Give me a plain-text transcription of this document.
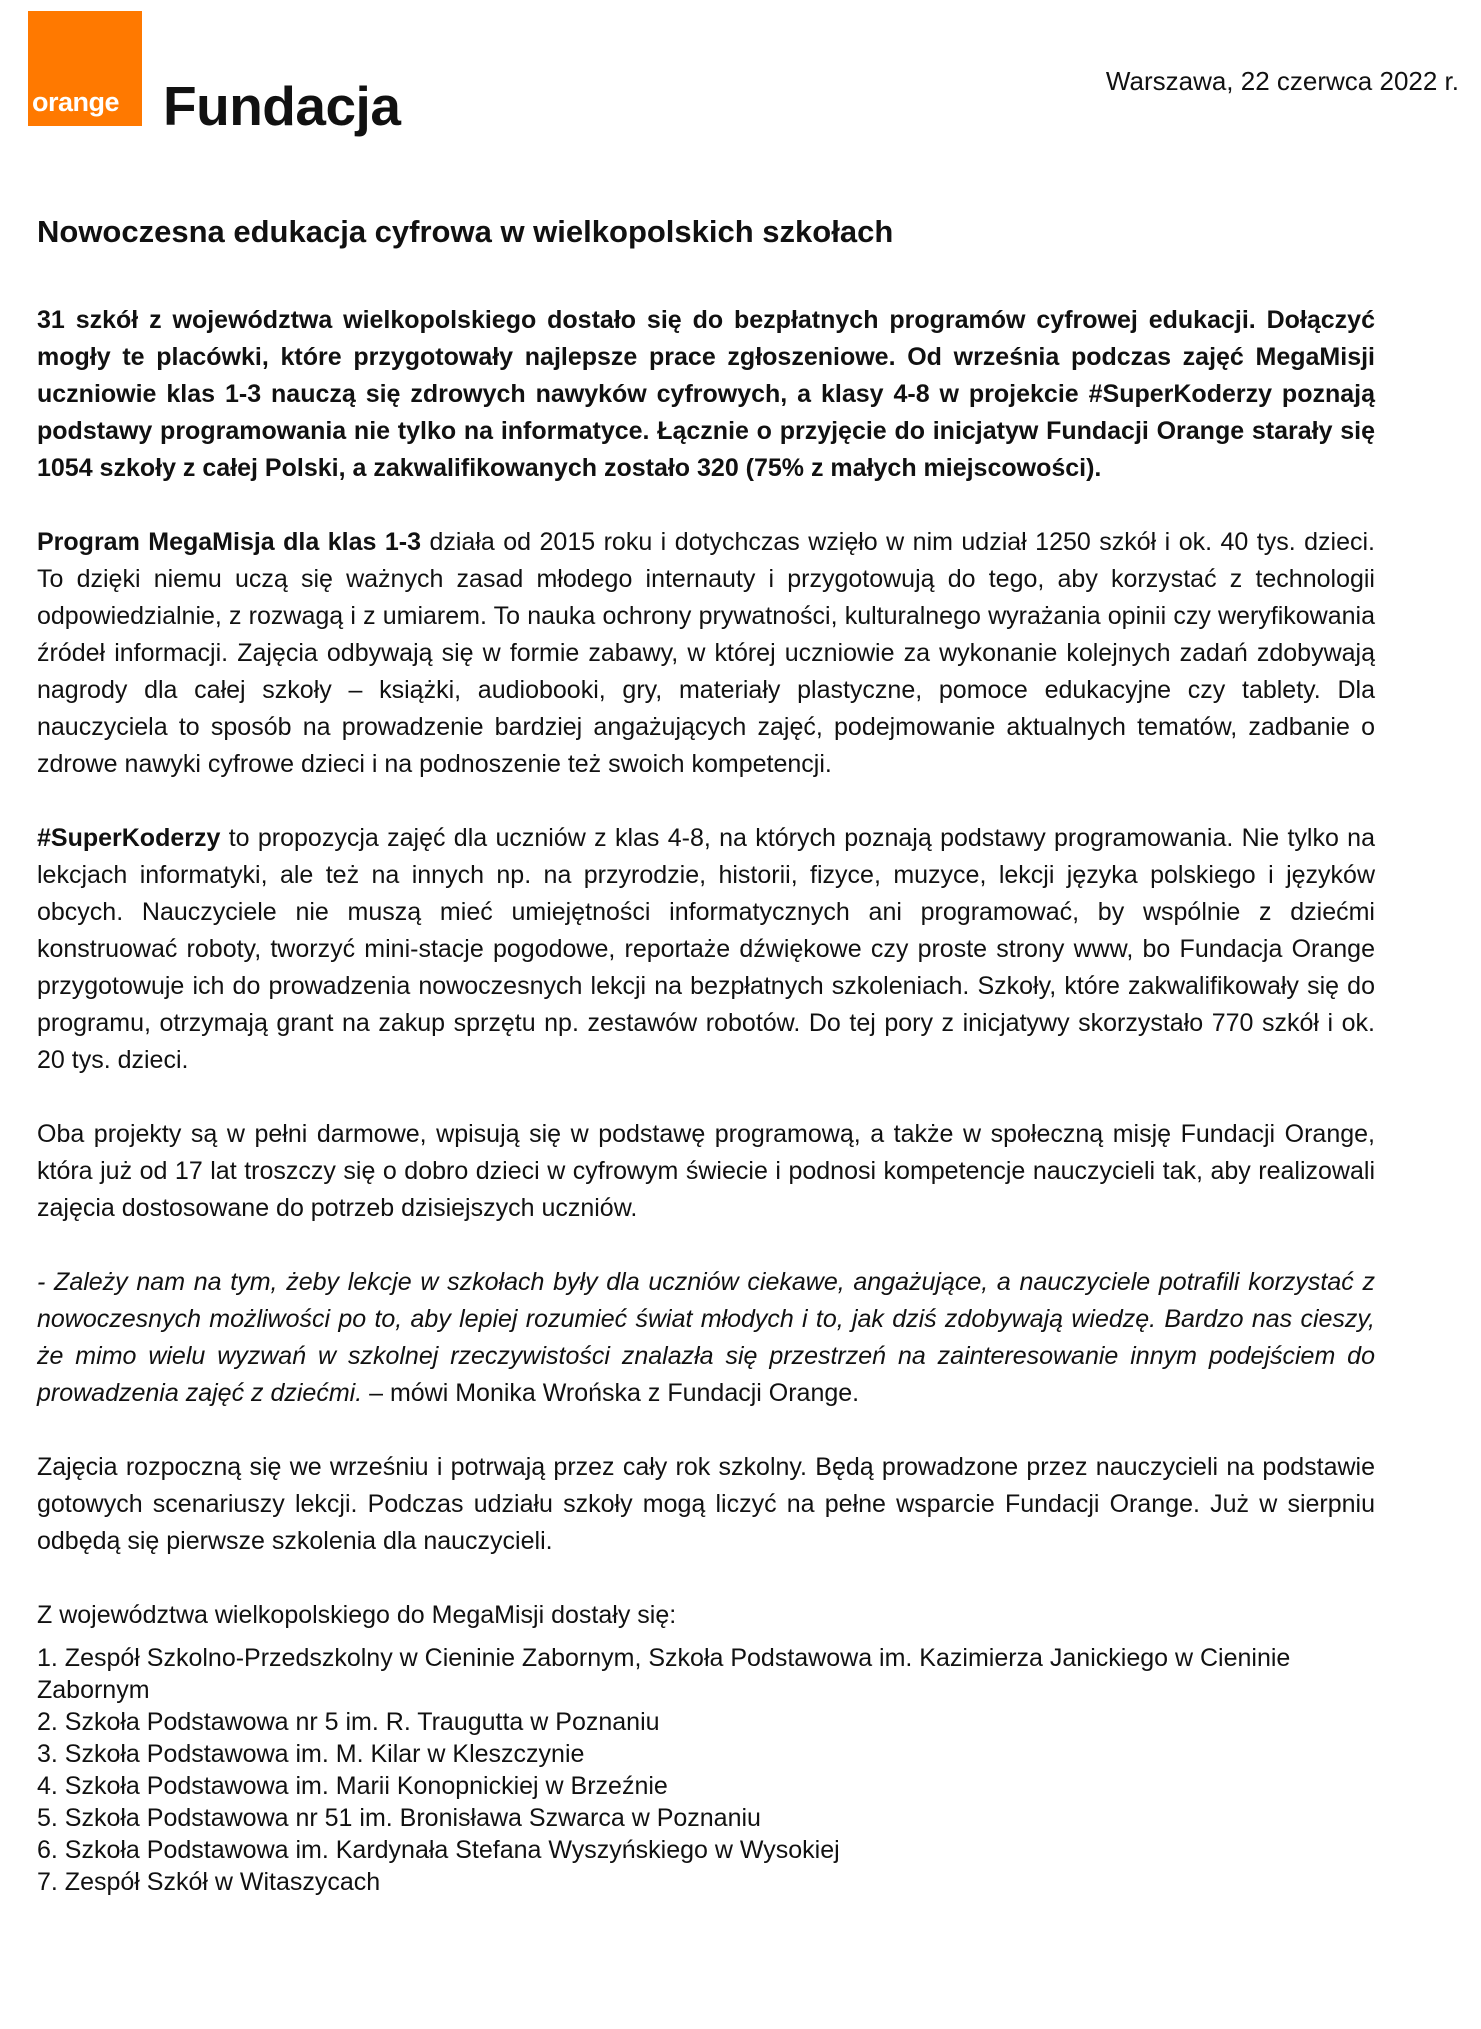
orange Fundacja	Warszawa, 22 czerwca 2022 r.
Nowoczesna edukacja cyfrowa w wielkopolskich szkołach

31 szkół z województwa wielkopolskiego dostało się do bezpłatnych programów cyfrowej edukacji. Dołączyć mogły te placówki, które przygotowały najlepsze prace zgłoszeniowe. Od września podczas zajęć MegaMisji uczniowie klas 1-3 nauczą się zdrowych nawyków cyfrowych, a klasy 4-8 w projekcie #SuperKoderzy poznają podstawy programowania nie tylko na informatyce. Łącznie o przyjęcie do inicjatyw Fundacji Orange starały się 1054 szkoły z całej Polski, a zakwalifikowanych zostało 320 (75% z małych miejscowości).

Program MegaMisja dla klas 1-3 działa od 2015 roku i dotychczas wzięło w nim udział 1250 szkół i ok. 40 tys. dzieci. To dzięki niemu uczą się ważnych zasad młodego internauty i przygotowują do tego, aby korzystać z technologii odpowiedzialnie, z rozwagą i z umiarem. To nauka ochrony prywatności, kulturalnego wyrażania opinii czy weryfikowania źródeł informacji. Zajęcia odbywają się w formie zabawy, w której uczniowie za wykonanie kolejnych zadań zdobywają nagrody dla całej szkoły – książki, audiobooki, gry, materiały plastyczne, pomoce edukacyjne czy tablety. Dla nauczyciela to sposób na prowadzenie bardziej angażujących zajęć, podejmowanie aktualnych tematów, zadbanie o zdrowe nawyki cyfrowe dzieci i na podnoszenie też swoich kompetencji.

#SuperKoderzy to propozycja zajęć dla uczniów z klas 4-8, na których poznają podstawy programowania. Nie tylko na lekcjach informatyki, ale też na innych np. na przyrodzie, historii, fizyce, muzyce, lekcji języka polskiego i języków obcych. Nauczyciele nie muszą mieć umiejętności informatycznych ani programować, by wspólnie z dziećmi konstruować roboty, tworzyć mini-stacje pogodowe, reportaże dźwiękowe czy proste strony www, bo Fundacja Orange przygotowuje ich do prowadzenia nowoczesnych lekcji na bezpłatnych szkoleniach. Szkoły, które zakwalifikowały się do programu, otrzymają grant na zakup sprzętu np. zestawów robotów. Do tej pory z inicjatywy skorzystało 770 szkół i ok. 20 tys. dzieci.

Oba projekty są w pełni darmowe, wpisują się w podstawę programową, a także w społeczną misję Fundacji Orange, która już od 17 lat troszczy się o dobro dzieci w cyfrowym świecie i podnosi kompetencje nauczycieli tak, aby realizowali zajęcia dostosowane do potrzeb dzisiejszych uczniów.

- Zależy nam na tym, żeby lekcje w szkołach były dla uczniów ciekawe, angażujące, a nauczyciele potrafili korzystać z nowoczesnych możliwości po to, aby lepiej rozumieć świat młodych i to, jak dziś zdobywają wiedzę. Bardzo nas cieszy, że mimo wielu wyzwań w szkolnej rzeczywistości znalazła się przestrzeń na zainteresowanie innym podejściem do prowadzenia zajęć z dziećmi. – mówi Monika Wrońska z Fundacji Orange.

Zajęcia rozpoczną się we wrześniu i potrwają przez cały rok szkolny. Będą prowadzone przez nauczycieli na podstawie gotowych scenariuszy lekcji. Podczas udziału szkoły mogą liczyć na pełne wsparcie Fundacji Orange. Już w sierpniu odbędą się pierwsze szkolenia dla nauczycieli.

Z województwa wielkopolskiego do MegaMisji dostały się:

1. Zespół Szkolno-Przedszkolny w Cieninie Zabornym, Szkoła Podstawowa im. Kazimierza Janickiego w Cieninie Zabornym
2. Szkoła Podstawowa nr 5 im. R. Traugutta w Poznaniu
3. Szkoła Podstawowa im. M. Kilar w Kleszczynie
4. Szkoła Podstawowa im. Marii Konopnickiej w Brzeźnie
5. Szkoła Podstawowa nr 51 im. Bronisława Szwarca w Poznaniu
6. Szkoła Podstawowa im. Kardynała Stefana Wyszyńskiego w Wysokiej
7. Zespół Szkół w Witaszycach
